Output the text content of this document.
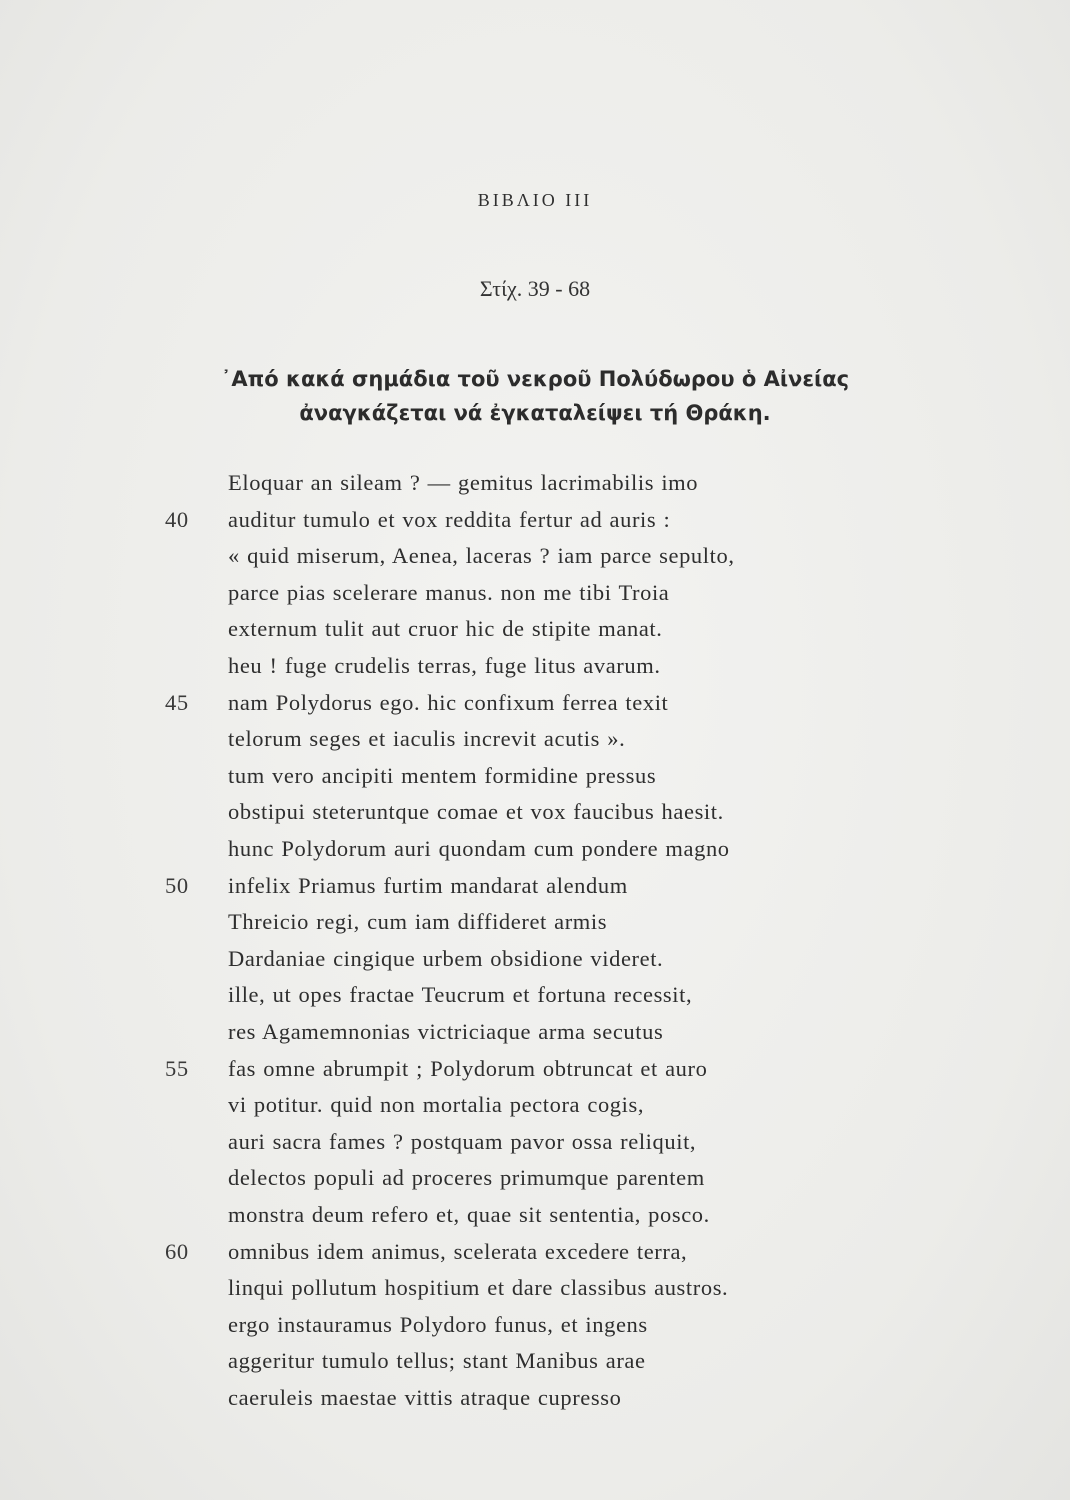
ΒΙΒΛΙΟ ΙΙΙ
Στίχ. 39 - 68
᾿Από κακά σημάδια τοῦ νεκροῦ Πολύδωρου ὁ Αἰνείας
ἀναγκάζεται νά ἐγκαταλείψει τή Θράκη.
Eloquar an sileam ? — gemitus lacrimabilis imo
40	auditur tumulo et vox reddita fertur ad auris :
« quid miserum, Aenea, laceras ? iam parce sepulto,
parce pias scelerare manus. non me tibi Troia
externum tulit aut cruor hic de stipite manat.
heu ! fuge crudelis terras, fuge litus avarum.
45	nam Polydorus ego. hic confixum ferrea texit
telorum seges et iaculis increvit acutis ».
tum vero ancipiti mentem formidine pressus
obstipui steteruntque comae et vox faucibus haesit.
hunc Polydorum auri quondam cum pondere magno
50	infelix Priamus furtim mandarat alendum
Threicio regi, cum iam diffideret armis
Dardaniae cingique urbem obsidione videret.
ille, ut opes fractae Teucrum et fortuna recessit,
res Agamemnonias victriciaque arma secutus
55	fas omne abrumpit ; Polydorum obtruncat et auro
vi potitur. quid non mortalia pectora cogis,
auri sacra fames ? postquam pavor ossa reliquit,
delectos populi ad proceres primumque parentem
monstra deum refero et, quae sit sententia, posco.
60	omnibus idem animus, scelerata excedere terra,
linqui pollutum hospitium et dare classibus austros.
ergo instauramus Polydoro funus, et ingens
aggeritur tumulo tellus; stant Manibus arae
caeruleis maestae vittis atraque cupresso
